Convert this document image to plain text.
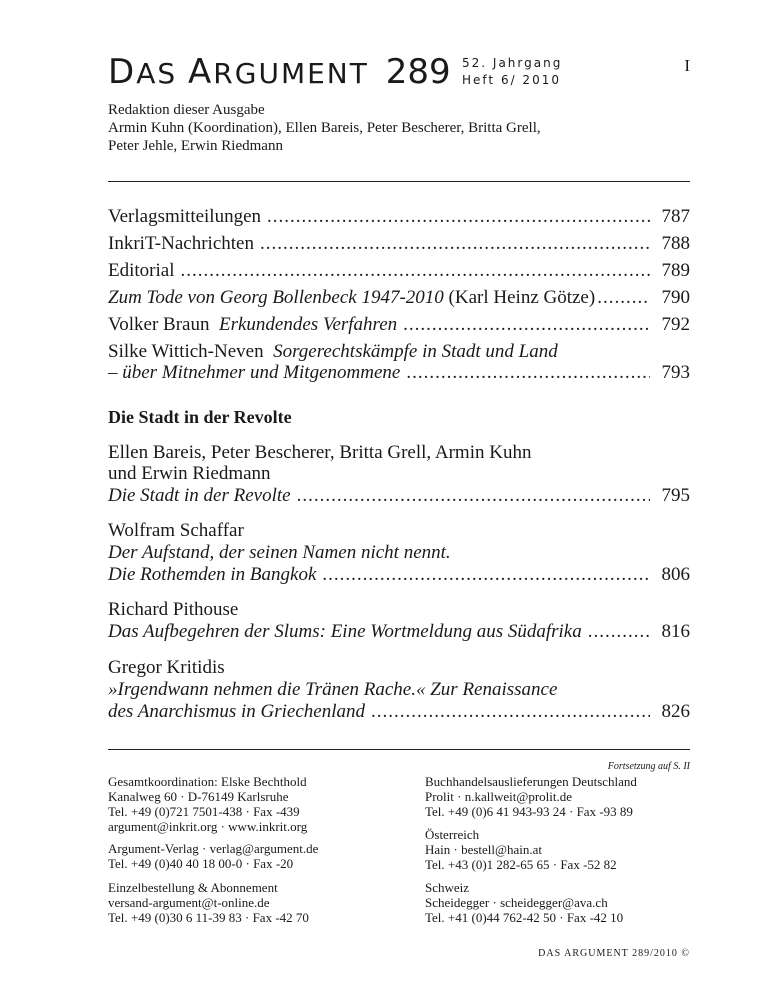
DAS ARGUMENT 289 52. Jahrgang
Heft 6/ 2010
I
Redaktion dieser Ausgabe
Armin Kuhn (Koordination), Ellen Bareis, Peter Bescherer, Britta Grell,
Peter Jehle, Erwin Riedmann
Verlagsmitteilungen .....	787
InkriT-Nachrichten .....	788
Editorial .....	789
Zum Tode von Georg Bollenbeck 1947-2010
(Karl Heinz Götze) .....	790
Volker Braun
Erkundendes Verfahren .....	792
Silke Wittich-Neven Sorgerechtskämpfe in Stadt und Land
– über Mitnehmer und Mitgenommene .....	793
Die Stadt in der Revolte
Ellen Bareis, Peter Bescherer, Britta Grell, Armin Kuhn
und Erwin Riedmann
Die Stadt in der Revolte .....	795
Wolfram Schaffar
Der Aufstand, der seinen Namen nicht nennt.
Die Rothemden in Bangkok .....	806
Richard Pithouse
Das Aufbegehren der Slums: Eine Wortmeldung aus Südafrika .....	816
Gregor Kritidis
»Irgendwann nehmen die Tränen Rache.« Zur Renaissance
des Anarchismus in Griechenland .....	826
Fortsetzung auf S. II
Gesamtkoordination: Elske Bechthold
Kanalweg 60 · D-76149 Karlsruhe
Tel. +49 (0)721 7501-438 · Fax -439
argument@inkrit.org · www.inkrit.org
Argument-Verlag · verlag@argument.de
Tel. +49 (0)40 40 18 00-0 · Fax -20
Einzelbestellung & Abonnement
versand-argument@t-online.de
Tel. +49 (0)30 6 11-39 83 · Fax -42 70
Buchhandelsauslieferungen Deutschland
Prolit · n.kallweit@prolit.de
Tel. +49 (0)6 41 943-93 24 · Fax -93 89
Österreich
Hain · bestell@hain.at
Tel. +43 (0)1 282-65 65 · Fax -52 82
Schweiz
Scheidegger · scheidegger@ava.ch
Tel. +41 (0)44 762-42 50 · Fax -42 10
DAS ARGUMENT 289/2010 ©
